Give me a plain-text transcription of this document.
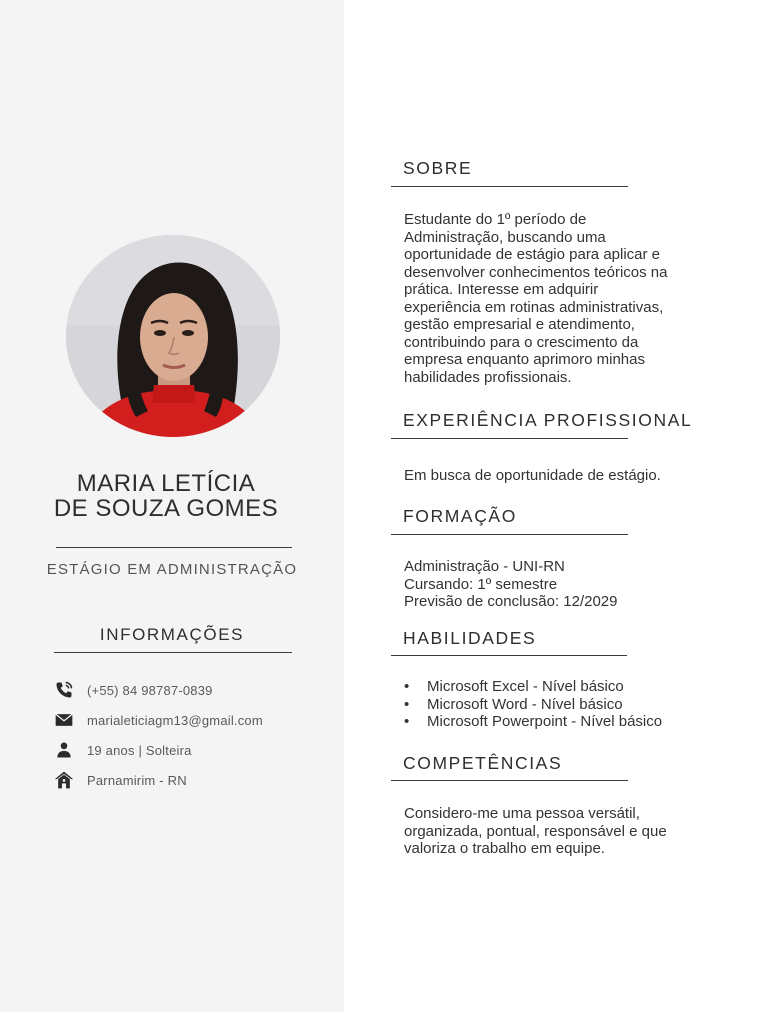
MARIA LETÍCIA
DE SOUZA GOMES
ESTÁGIO EM ADMINISTRAÇÃO
INFORMAÇÕES
(+55) 84 98787-0839
marialeticiagm13@gmail.com
19 anos | Solteira
Parnamirim - RN
SOBRE
Estudante do 1º período de
Administração, buscando uma
oportunidade de estágio para aplicar e
desenvolver conhecimentos teóricos na
prática. Interesse em adquirir
experiência em rotinas administrativas,
gestão empresarial e atendimento,
contribuindo para o crescimento da
empresa enquanto aprimoro minhas
habilidades profissionais.
EXPERIÊNCIA PROFISSIONAL
Em busca de oportunidade de estágio.
FORMAÇÃO
Administração - UNI-RN
Cursando: 1º semestre
Previsão de conclusão: 12/2029
HABILIDADES
• Microsoft Excel - Nível básico
• Microsoft Word - Nível básico
• Microsoft Powerpoint - Nível básico
COMPETÊNCIAS
Considero-me uma pessoa versátil,
organizada, pontual, responsável e que
valoriza o trabalho em equipe.
